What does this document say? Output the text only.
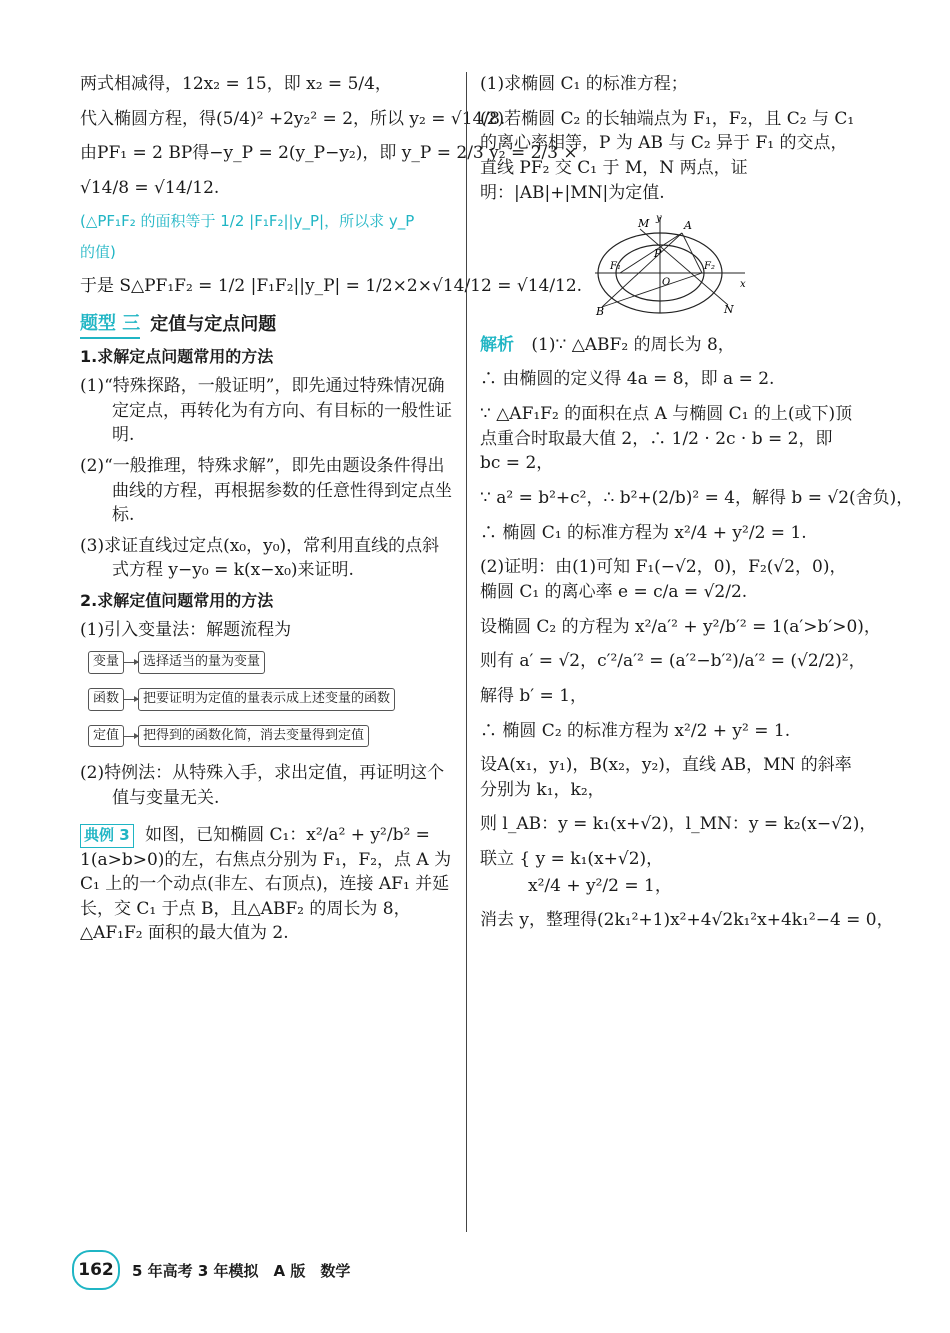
两式相减得，12x₂ = 15，即 x₂ = 5/4，
代入椭圆方程，得(5/4)² +2y₂² = 2，所以 y₂ = √14/8.
由PF₁ = 2 BP得−y_P = 2(y_P−y₂)，即 y_P = 2/3 y₂ = 2/3 ×
√14/8 = √14/12.
(△PF₁F₂ 的面积等于 1/2 |F₁F₂||y_P|，所以求 y_P
的值)
于是 S△PF₁F₂ = 1/2 |F₁F₂||y_P| = 1/2×2×√14/12 = √14/12.
题型 三 定值与定点问题
1.求解定点问题常用的方法
(1)“特殊探路，一般证明”，即先通过特殊情况确定定点，再转化为有方向、有目标的一般性证明.
(2)“一般推理，特殊求解”，即先由题设条件得出曲线的方程，再根据参数的任意性得到定点坐标.
(3)求证直线过定点(x₀，y₀)，常利用直线的点斜式方程 y−y₀ = k(x−x₀)来证明.
2.求解定值问题常用的方法
(1)引入变量法：解题流程为
变量	选择适当的量为变量
函数	把要证明为定值的量表示成上述变量的函数
定值	把得到的函数化简，消去变量得到定值
(2)特例法：从特殊入手，求出定值，再证明这个值与变量无关.
典例 3 如图，已知椭圆 C₁：x²/a² + y²/b² = 1(a>b>0)的左，右焦点分别为 F₁，F₂，点 A 为 C₁ 上的一个动点(非左、右顶点)，连接 AF₁ 并延长，交 C₁ 于点 B，且△ABF₂ 的周长为 8，△AF₁F₂ 面积的最大值为 2.
(1)求椭圆 C₁ 的标准方程；
(2)若椭圆 C₂ 的长轴端点为 F₁，F₂，且 C₂ 与 C₁ 的离心率相等，P 为 AB 与 C₂ 异于 F₁ 的交点，直线 PF₂ 交 C₁ 于 M，N 两点，证明：|AB|+|MN|为定值.
M	A
y
P
F₁
O
F₂
x
B	N
解析 (1)∵ △ABF₂ 的周长为 8，
∴ 由椭圆的定义得 4a = 8，即 a = 2.
∵ △AF₁F₂ 的面积在点 A 与椭圆 C₁ 的上(或下)顶点重合时取最大值 2，∴ 1/2 · 2c · b = 2，即 bc = 2，
∵ a² = b²+c²，∴ b²+(2/b)² = 4，解得 b = √2(舍负)，
∴ 椭圆 C₁ 的标准方程为 x²/4 + y²/2 = 1.
(2)证明：由(1)可知 F₁(−√2，0)，F₂(√2，0)，椭圆 C₁ 的离心率 e = c/a = √2/2.
设椭圆 C₂ 的方程为 x²/a′² + y²/b′² = 1(a′>b′>0)，
则有 a′ = √2，c′²/a′² = (a′²−b′²)/a′² = (√2/2)²，
解得 b′ = 1，
∴ 椭圆 C₂ 的标准方程为 x²/2 + y² = 1.
设A(x₁，y₁)，B(x₂，y₂)，直线 AB，MN 的斜率分别为 k₁，k₂，
则 l_AB：y = k₁(x+√2)，l_MN：y = k₂(x−√2)，
联立 { y = k₁(x+√2)，
x²/4 + y²/2 = 1，
消去 y，整理得(2k₁²+1)x²+4√2k₁²x+4k₁²−4 = 0，
162	5 年高考 3 年模拟　A 版　数学
